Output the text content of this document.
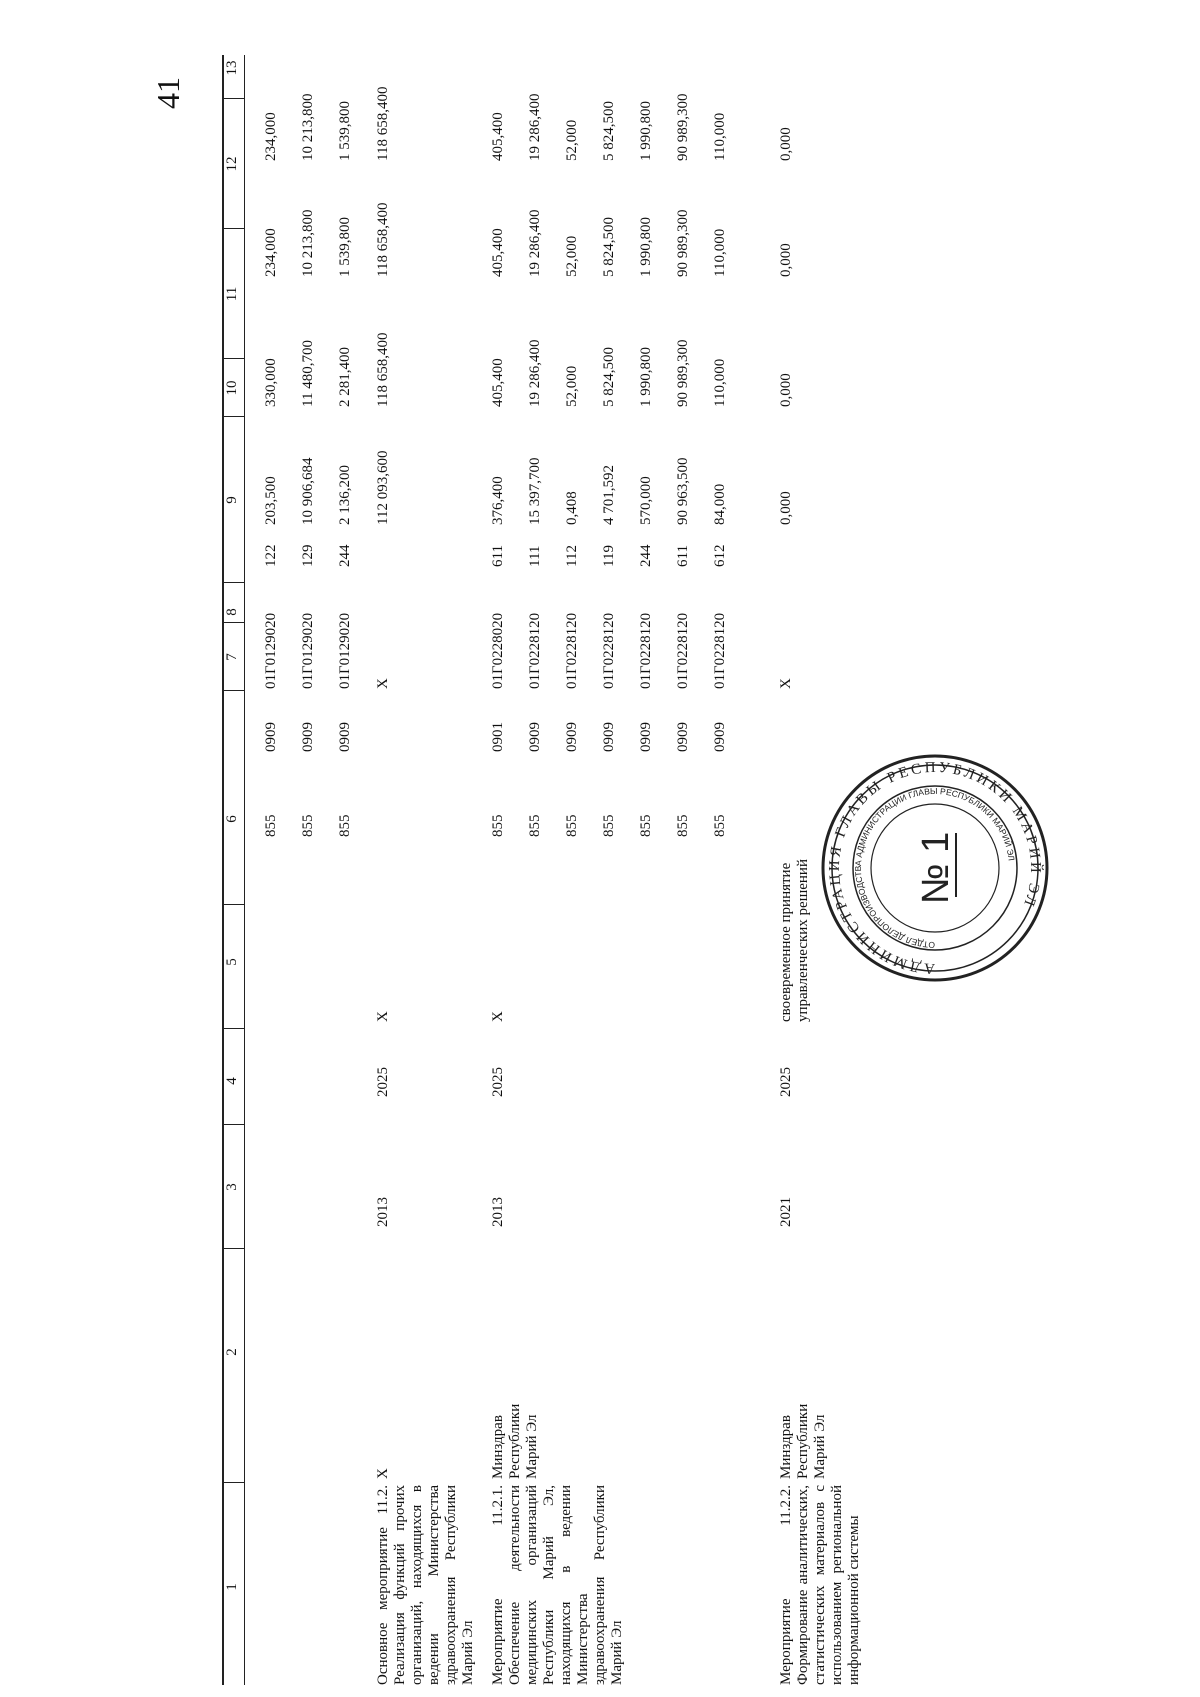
1
2
3
4
5
6
7
8
9
10
11
12
13
855
0909
01Г0129020
122
203,500
330,000
234,000
234,000
855
0909
01Г0129020
129
10 906,684
11 480,700
10 213,800
10 213,800
855
0909
01Г0129020
244
2 136,200
2 281,400
1 539,800
1 539,800
Основное мероприятие 11.2. Реализация функций прочих организаций, находящихся в ведении Министерства здравоохранения Республики Марий Эл
X
2013
2025
X
X
112 093,600
118 658,400
118 658,400
118 658,400
Мероприятие 11.2.1. Обеспечение деятельности медицинских организаций Республики Марий Эл, находящихся в ведении Министерства здравоохранения Республики Марий Эл
Минздрав Республики Марий Эл
2013
2025
X
855
0901
01Г0228020
611
376,400
405,400
405,400
405,400
855
0909
01Г0228120
111
15 397,700
19 286,400
19 286,400
19 286,400
855
0909
01Г0228120
112
0,408
52,000
52,000
52,000
855
0909
01Г0228120
119
4 701,592
5 824,500
5 824,500
5 824,500
855
0909
01Г0228120
244
570,000
1 990,800
1 990,800
1 990,800
855
0909
01Г0228120
611
90 963,500
90 989,300
90 989,300
90 989,300
855
0909
01Г0228120
612
84,000
110,000
110,000
110,000
Мероприятие 11.2.2. Формирование аналитических, статистических материалов с использованием региональной информационной системы
Минздрав Республики Марий Эл
2021
2025
своевременное принятие управленческих решений
X
0,000
0,000
0,000
0,000
41
АДМИНИСТРАЦИЯ ГЛАВЫ РЕСПУБЛИКИ МАРИЙ ЭЛ
ОТДЕЛ ДЕЛОПРОИЗВОДСТВА АДМИНИСТРАЦИИ ГЛАВЫ РЕСПУБЛИКИ МАРИЙ ЭЛ
№ 1
